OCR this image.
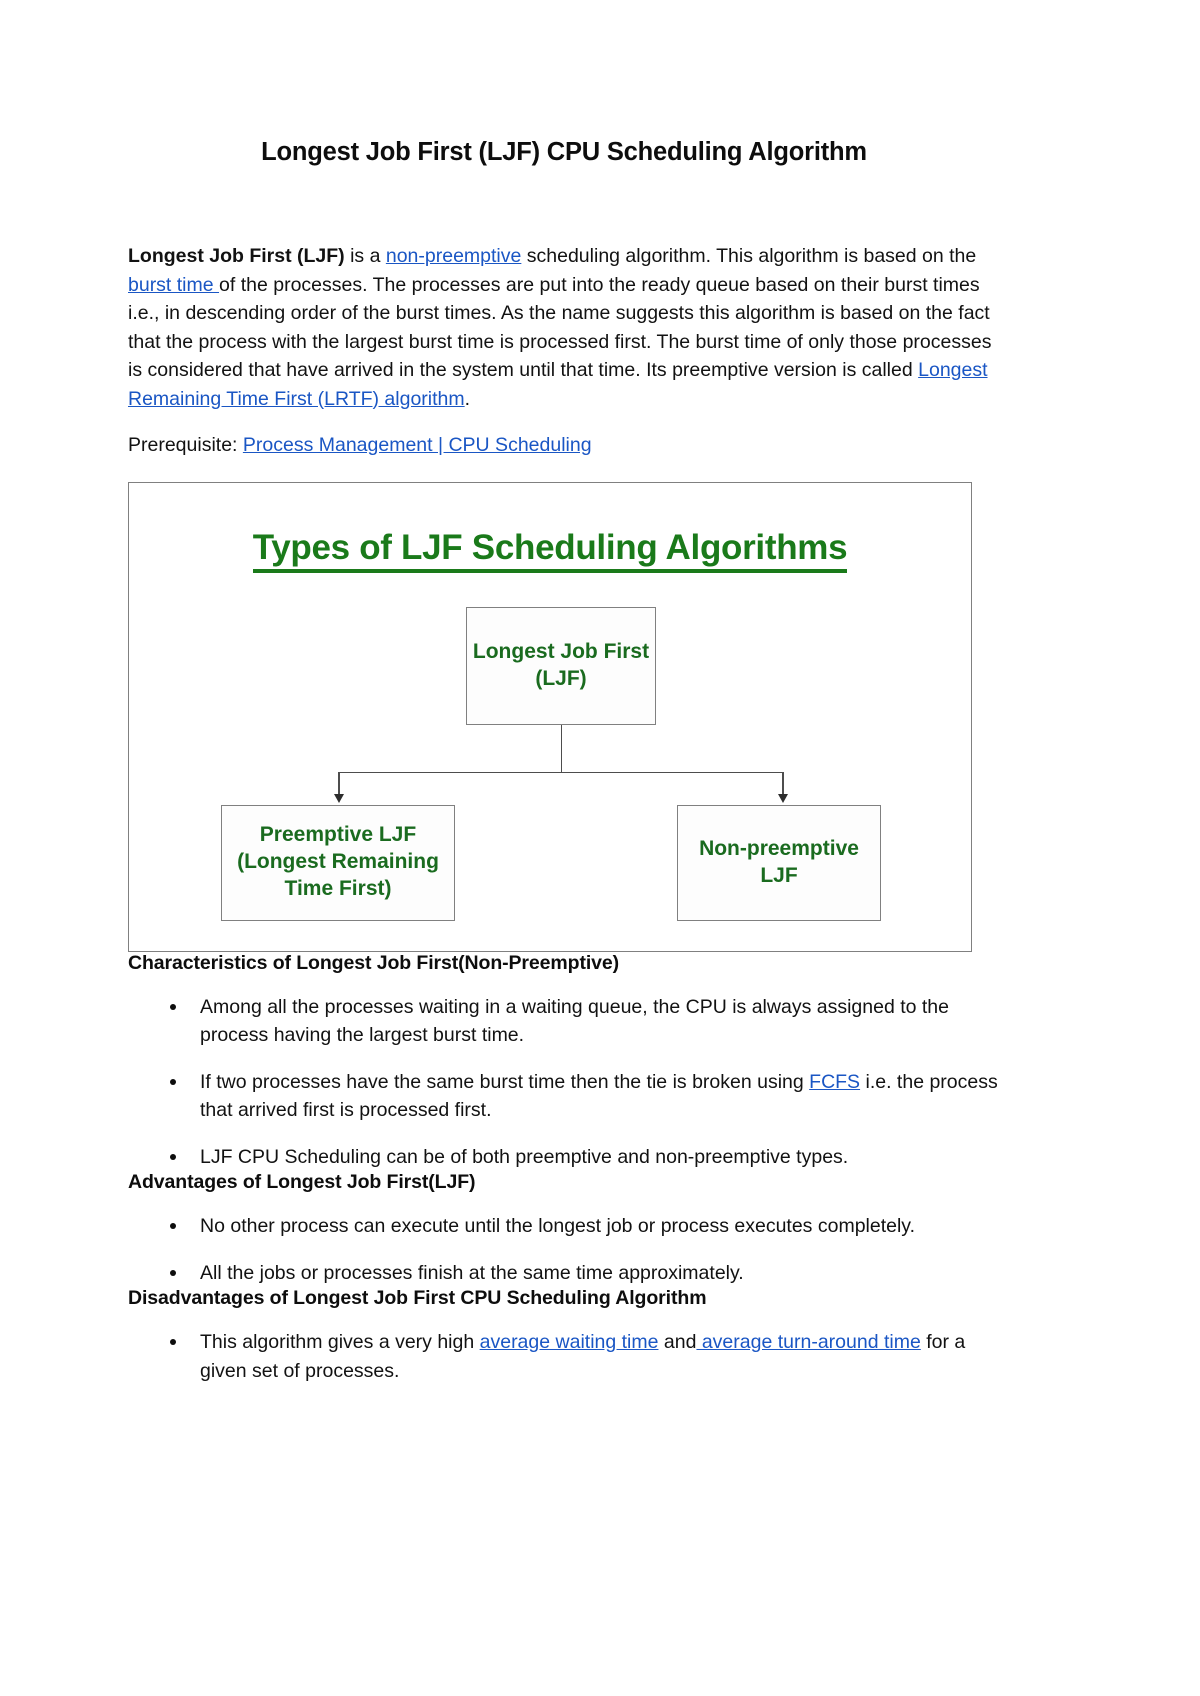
Longest Job First (LJF) CPU Scheduling Algorithm

Longest Job First (LJF) is a non-preemptive scheduling algorithm. This algorithm is based on the burst time of the processes. The processes are put into the ready queue based on their burst times i.e., in descending order of the burst times. As the name suggests this algorithm is based on the fact that the process with the largest burst time is processed first. The burst time of only those processes is considered that have arrived in the system until that time. Its preemptive version is called Longest Remaining Time First (LRTF) algorithm.

Prerequisite: Process Management | CPU Scheduling

Types of LJF Scheduling Algorithms
Longest Job First (LJF)
Preemptive LJF (Longest Remaining Time First)
Non-preemptive LJF
Characteristics of Longest Job First(Non-Preemptive)
Among all the processes waiting in a waiting queue, the CPU is always assigned to the process having the largest burst time.
If two processes have the same burst time then the tie is broken using FCFS i.e. the process that arrived first is processed first.
LJF CPU Scheduling can be of both preemptive and non-preemptive types.
Advantages of Longest Job First(LJF)
No other process can execute until the longest job or process executes completely.
All the jobs or processes finish at the same time approximately.
Disadvantages of Longest Job First CPU Scheduling Algorithm
This algorithm gives a very high average waiting time and average turn-around time for a given set of processes.
